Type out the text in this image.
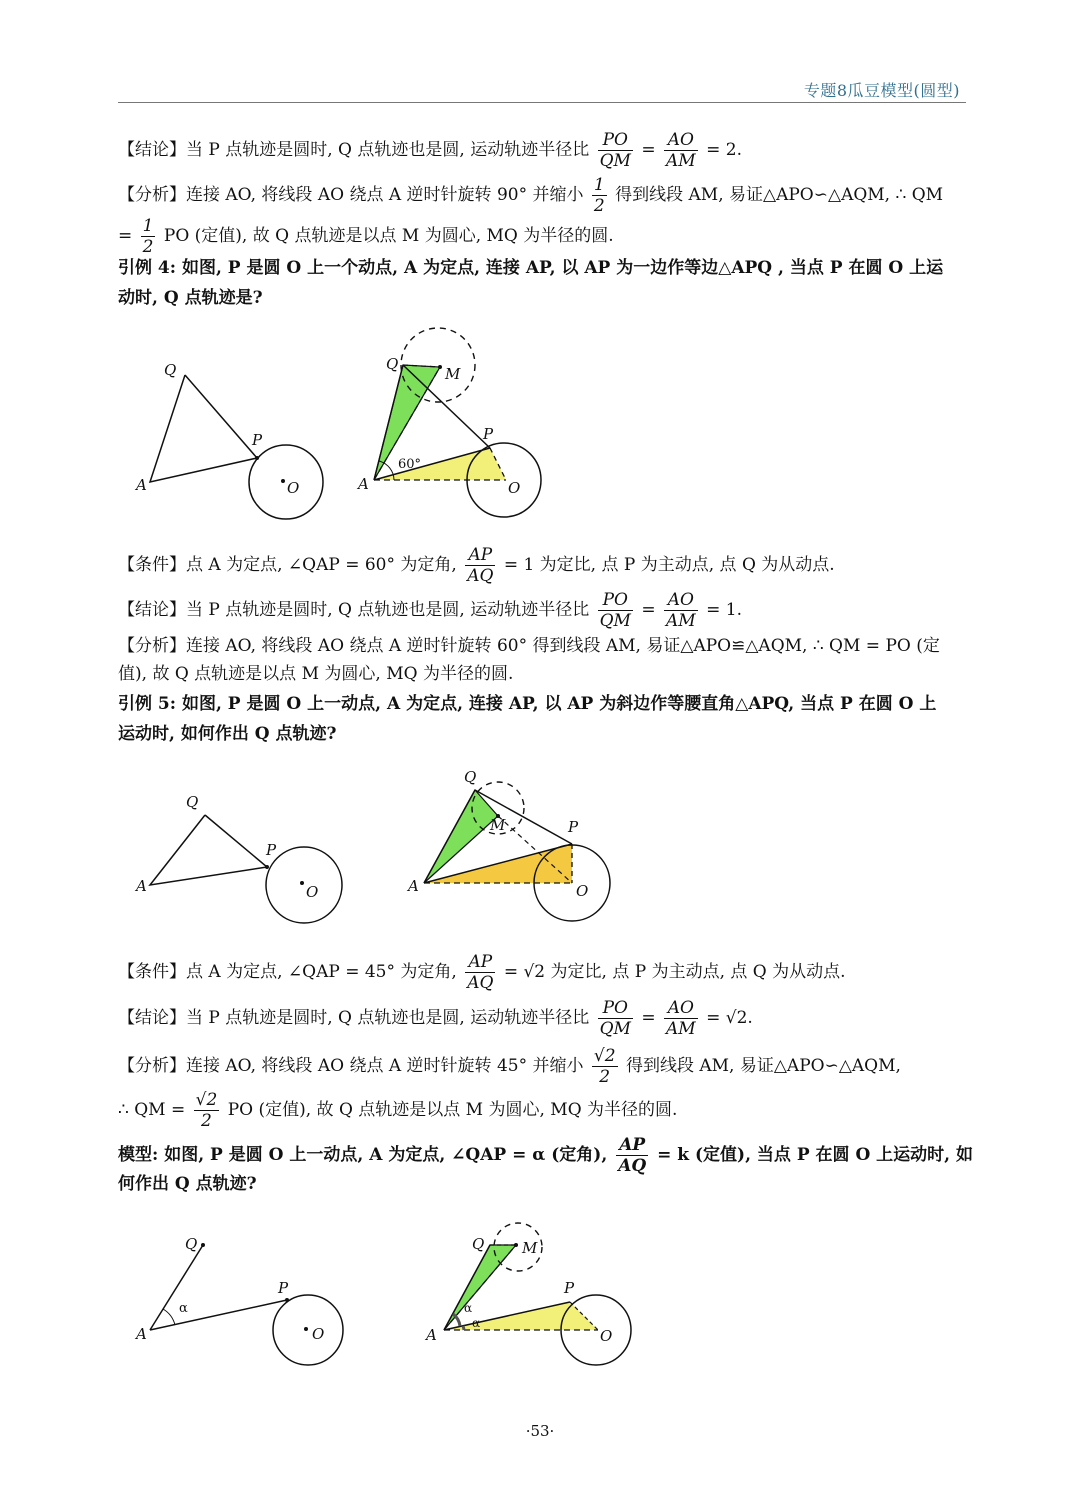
专题8瓜豆模型(圆型)
【结论】当 P 点轨迹是圆时, Q 点轨迹也是圆, 运动轨迹半径比 $\frac{PO}{QM} = \frac{AO}{AM} = 2$.
【分析】连接 AO, 将线段 AO 绕点 A 逆时针旋转 90° 并缩小 $\frac{1}{2}$ 得到线段 AM, 易证△APO∽△AQM, ∴ QM
= $\frac{1}{2}$ PO (定值), 故 Q 点轨迹是以点 M 为圆心, MQ 为半径的圆.
引例 4: 如图, P 是圆 O 上一个动点, A 为定点, 连接 AP, 以 AP 为一边作等边△APQ , 当点 P 在圆 O 上运
动时, Q 点轨迹是?
Q
P
A	O
Q
M
P
A	O
60°
【条件】点 A 为定点, ∠QAP = 60° 为定角, $\frac{AP}{AQ} = 1$ 为定比, 点 P 为主动点, 点 Q 为从动点.
【结论】当 P 点轨迹是圆时, Q 点轨迹也是圆, 运动轨迹半径比 $\frac{PO}{QM} = \frac{AO}{AM} = 1$.
【分析】连接 AO, 将线段 AO 绕点 A 逆时针旋转 60° 得到线段 AM, 易证△APO≌△AQM, ∴ QM = PO (定
值), 故 Q 点轨迹是以点 M 为圆心, MQ 为半径的圆.
引例 5: 如图, P 是圆 O 上一动点, A 为定点, 连接 AP, 以 AP 为斜边作等腰直角△APQ, 当点 P 在圆 O 上
运动时, 如何作出 Q 点轨迹?
Q
P
A	O
Q
M	P
A	O
【条件】点 A 为定点, ∠QAP = 45° 为定角, $\frac{AP}{AQ} = √2$ 为定比, 点 P 为主动点, 点 Q 为从动点.
【结论】当 P 点轨迹是圆时, Q 点轨迹也是圆, 运动轨迹半径比 $\frac{PO}{QM} = \frac{AO}{AM} = √2$.
【分析】连接 AO, 将线段 AO 绕点 A 逆时针旋转 45° 并缩小 $\frac{√2}{2}$ 得到线段 AM, 易证△APO∽△AQM,
∴ QM = $\frac{√2}{2}$ PO (定值), 故 Q 点轨迹是以点 M 为圆心, MQ 为半径的圆.
模型: 如图, P 是圆 O 上一动点, A 为定点, ∠QAP = α (定角), $\frac{AP}{AQ} = k$ (定值), 当点 P 在圆 O 上运动时, 如
何作出 Q 点轨迹?
Q
P
A	O
α
Q	M
P
A	O
α
α
·53·
